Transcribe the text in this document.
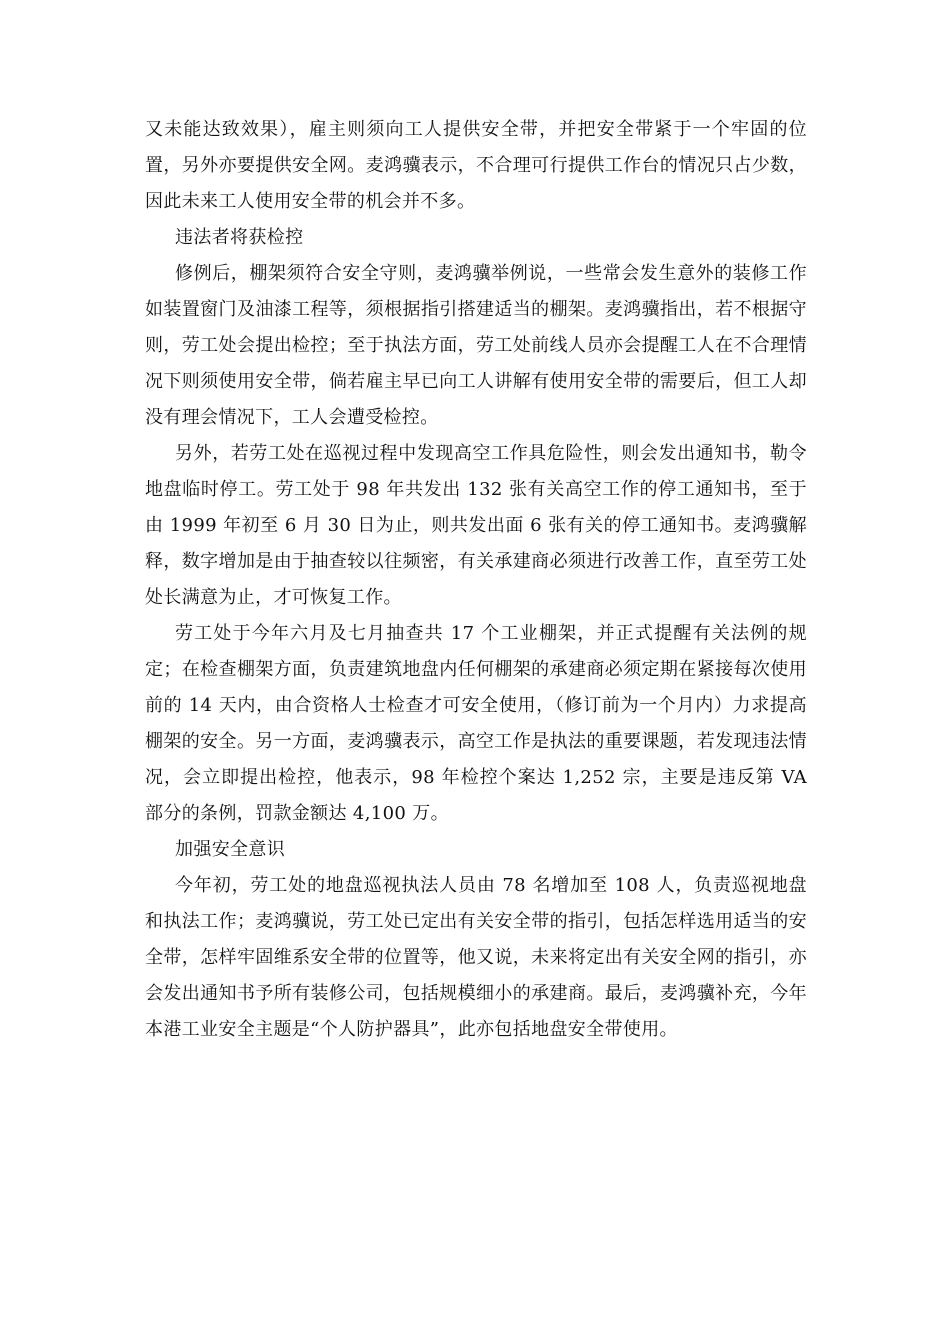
又未能达致效果），雇主则须向工人提供安全带，并把安全带紧于一个牢固的位置，另外亦要提供安全网。麦鸿骥表示，不合理可行提供工作台的情况只占少数，因此未来工人使用安全带的机会并不多。

违法者将获检控

修例后，棚架须符合安全守则，麦鸿骥举例说，一些常会发生意外的装修工作如装置窗门及油漆工程等，须根据指引搭建适当的棚架。麦鸿骥指出，若不根据守则，劳工处会提出检控；至于执法方面，劳工处前线人员亦会提醒工人在不合理情况下则须使用安全带，倘若雇主早已向工人讲解有使用安全带的需要后，但工人却没有理会情况下，工人会遭受检控。

另外，若劳工处在巡视过程中发现高空工作具危险性，则会发出通知书，勒令地盘临时停工。劳工处于 98 年共发出 132 张有关高空工作的停工通知书，至于由 1999 年初至 6 月 30 日为止，则共发出面 6 张有关的停工通知书。麦鸿骥解释，数字增加是由于抽查较以往频密，有关承建商必须进行改善工作，直至劳工处处长满意为止，才可恢复工作。

劳工处于今年六月及七月抽查共 17 个工业棚架，并正式提醒有关法例的规定；在检查棚架方面，负责建筑地盘内任何棚架的承建商必须定期在紧接每次使用前的 14 天内，由合资格人士检查才可安全使用，（修订前为一个月内）力求提高棚架的安全。另一方面，麦鸿骥表示，高空工作是执法的重要课题，若发现违法情况，会立即提出检控，他表示，98 年检控个案达 1,252 宗，主要是违反第 VA 部分的条例，罚款金额达 4,100 万。

加强安全意识

今年初，劳工处的地盘巡视执法人员由 78 名增加至 108 人，负责巡视地盘和执法工作；麦鸿骥说，劳工处已定出有关安全带的指引，包括怎样选用适当的安全带，怎样牢固维系安全带的位置等，他又说，未来将定出有关安全网的指引，亦会发出通知书予所有装修公司，包括规模细小的承建商。最后，麦鸿骥补充，今年本港工业安全主题是“个人防护器具”，此亦包括地盘安全带使用。
